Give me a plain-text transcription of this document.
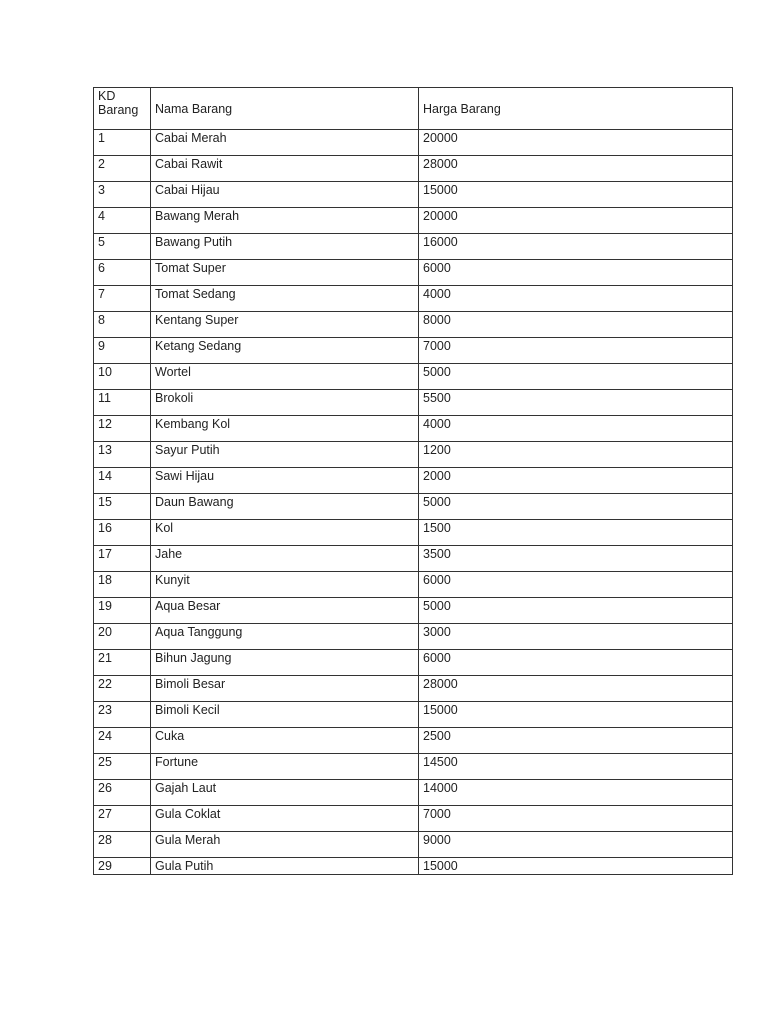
KD Barang	Nama Barang	Harga Barang
1	Cabai Merah	20000
2	Cabai Rawit	28000
3	Cabai Hijau	15000
4	Bawang Merah	20000
5	Bawang Putih	16000
6	Tomat Super	6000
7	Tomat Sedang	4000
8	Kentang Super	8000
9	Ketang Sedang	7000
10	Wortel	5000
11	Brokoli	5500
12	Kembang Kol	4000
13	Sayur Putih	1200
14	Sawi Hijau	2000
15	Daun Bawang	5000
16	Kol	1500
17	Jahe	3500
18	Kunyit	6000
19	Aqua Besar	5000
20	Aqua Tanggung	3000
21	Bihun Jagung	6000
22	Bimoli Besar	28000
23	Bimoli Kecil	15000
24	Cuka	2500
25	Fortune	14500
26	Gajah Laut	14000
27	Gula Coklat	7000
28	Gula Merah	9000
29	Gula Putih	15000
